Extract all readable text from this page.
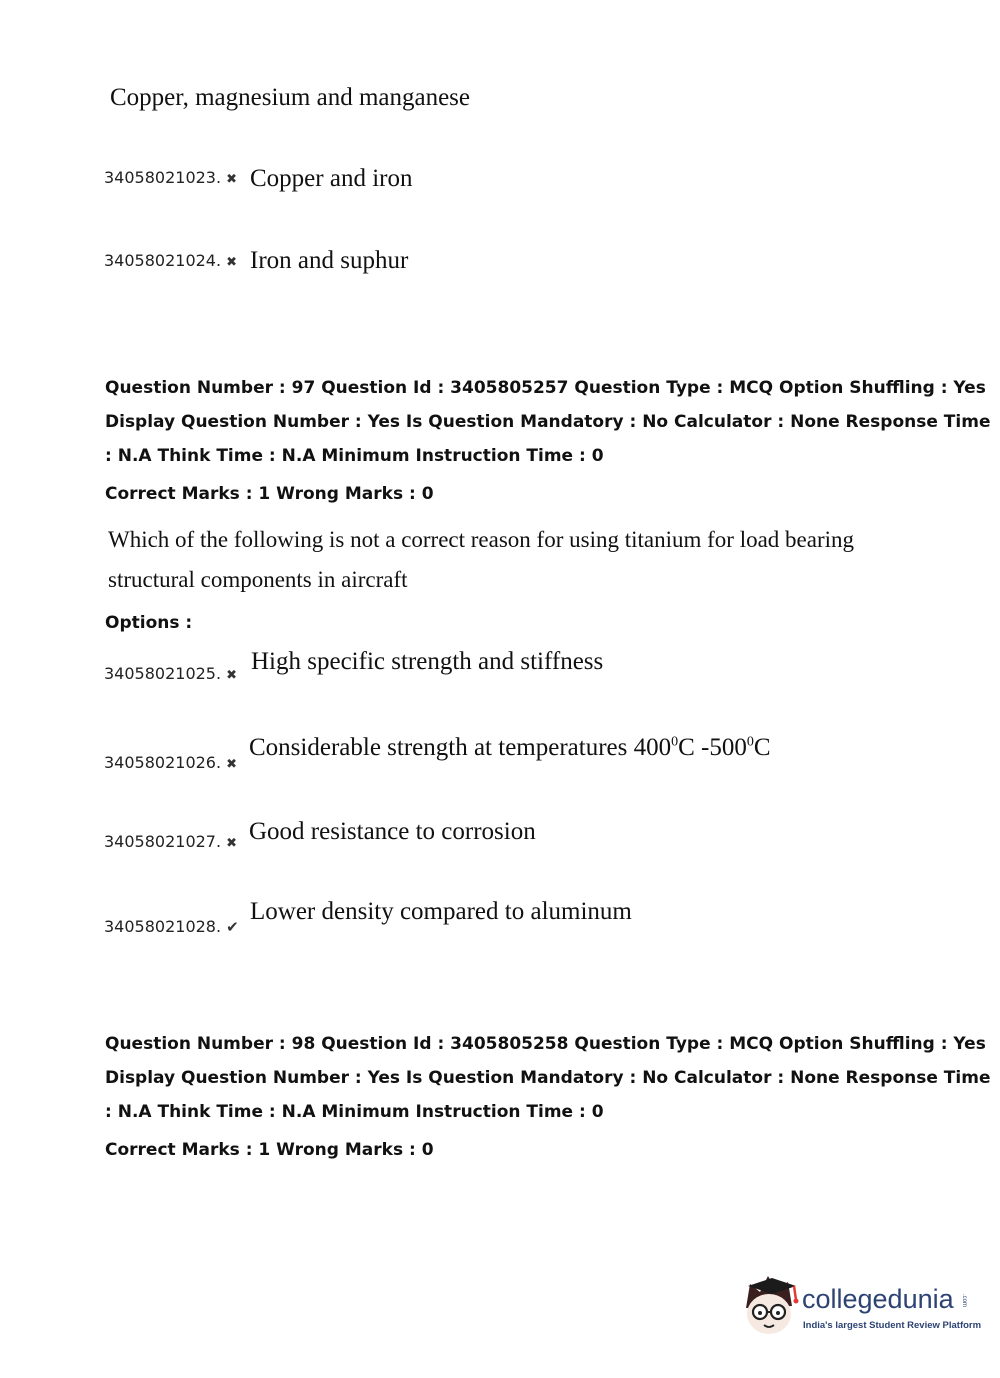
Copper, magnesium and manganese
34058021023. ✖ Copper and iron
34058021024. ✖ Iron and suphur
Question Number : 97 Question Id : 3405805257 Question Type : MCQ Option Shuffling : Yes
Display Question Number : Yes Is Question Mandatory : No Calculator : None Response Time
: N.A Think Time : N.A Minimum Instruction Time : 0
Correct Marks : 1 Wrong Marks : 0
Which of the following is not a correct reason for using titanium for load bearing
structural components in aircraft
Options :
34058021025. ✖
High specific strength and stiffness
34058021026. ✖
Considerable strength at temperatures $400^0C$ $-500^0C$
34058021027. ✖ Good resistance to corrosion
34058021028. ✔
Lower density compared to aluminum
Question Number : 98 Question Id : 3405805258 Question Type : MCQ Option Shuffling : Yes
Display Question Number : Yes Is Question Mandatory : No Calculator : None Response Time
: N.A Think Time : N.A Minimum Instruction Time : 0
Correct Marks : 1 Wrong Marks : 0
collegedunia .com
India's largest Student Review Platform
